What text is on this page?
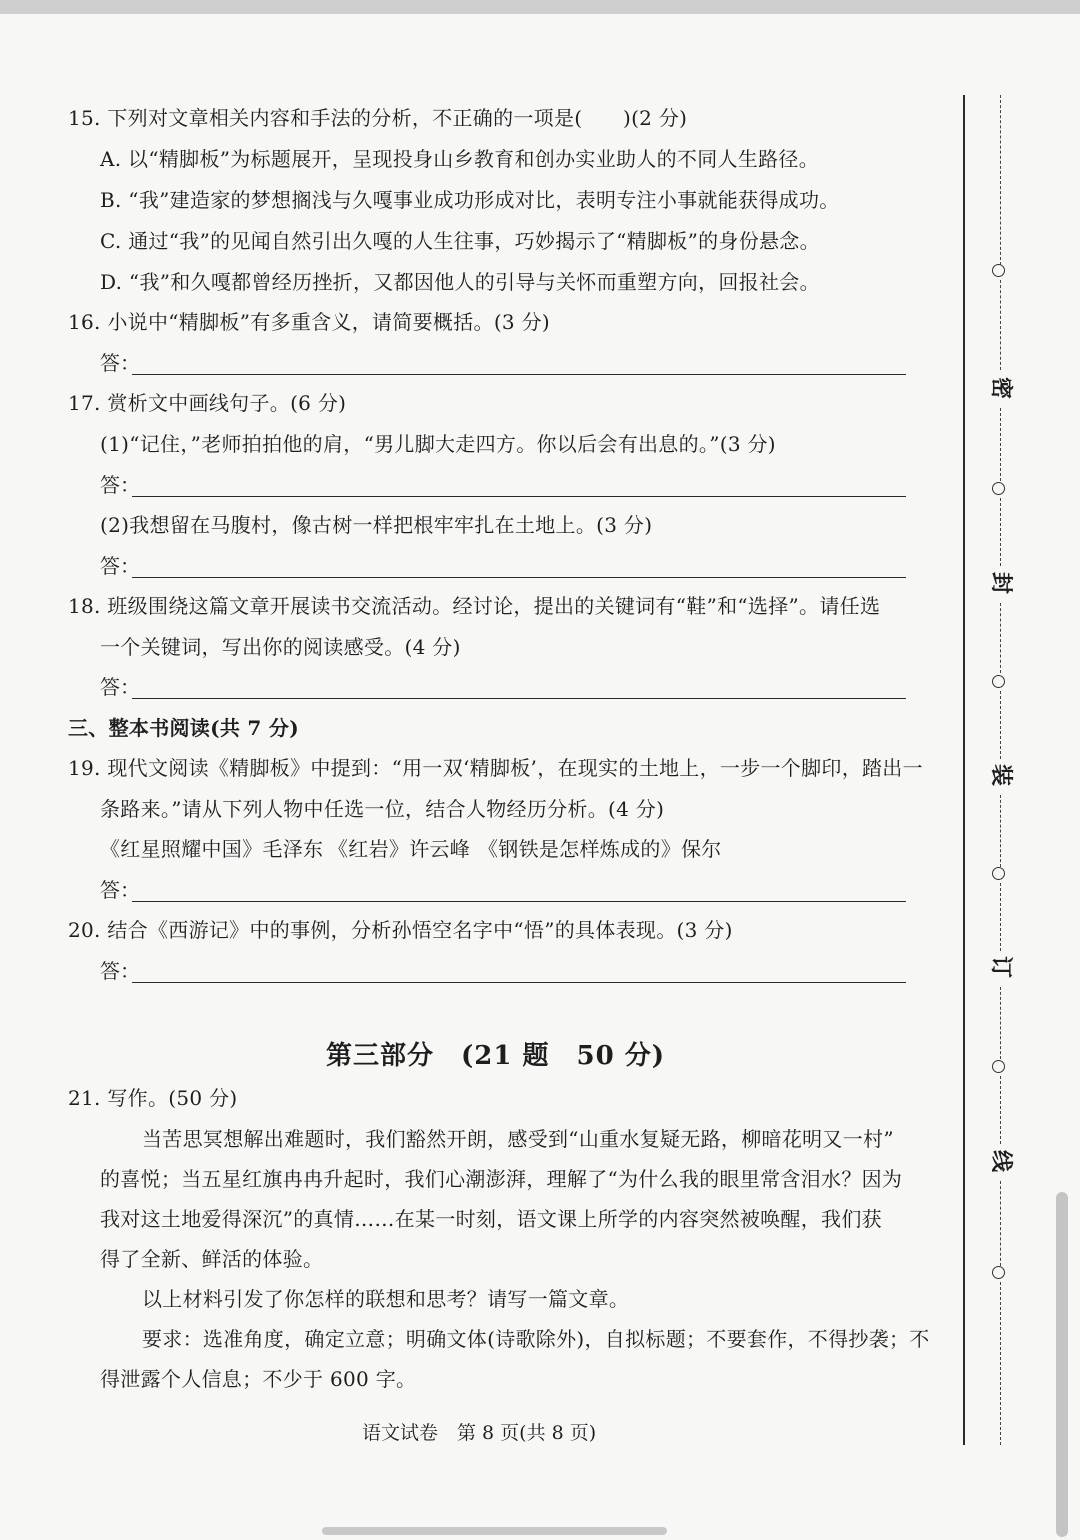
15. 下列对文章相关内容和手法的分析，不正确的一项是(　　)(2 分)
A. 以“精脚板”为标题展开，呈现投身山乡教育和创办实业助人的不同人生路径。
B. “我”建造家的梦想搁浅与久嘎事业成功形成对比，表明专注小事就能获得成功。
C. 通过“我”的见闻自然引出久嘎的人生往事，巧妙揭示了“精脚板”的身份悬念。
D. “我”和久嘎都曾经历挫折，又都因他人的引导与关怀而重塑方向，回报社会。
16. 小说中“精脚板”有多重含义，请简要概括。(3 分)
答：
17. 赏析文中画线句子。(6 分)
(1)“记住，”老师拍拍他的肩，“男儿脚大走四方。你以后会有出息的。”(3 分)
答：
(2)我想留在马腹村，像古树一样把根牢牢扎在土地上。(3 分)
答：
18. 班级围绕这篇文章开展读书交流活动。经讨论，提出的关键词有“鞋”和“选择”。请任选
一个关键词，写出你的阅读感受。(4 分)
答：
三、整本书阅读(共 7 分)
19. 现代文阅读《精脚板》中提到：“用一双‘精脚板’，在现实的土地上，一步一个脚印，踏出一
条路来。”请从下列人物中任选一位，结合人物经历分析。(4 分)
《红星照耀中国》毛泽东 《红岩》许云峰 《钢铁是怎样炼成的》保尔
答：
20. 结合《西游记》中的事例，分析孙悟空名字中“悟”的具体表现。(3 分)
答：
第三部分　(21 题　50 分)
21. 写作。(50 分)
当苦思冥想解出难题时，我们豁然开朗，感受到“山重水复疑无路，柳暗花明又一村”
的喜悦；当五星红旗冉冉升起时，我们心潮澎湃，理解了“为什么我的眼里常含泪水？因为
我对这土地爱得深沉”的真情……在某一时刻，语文课上所学的内容突然被唤醒，我们获
得了全新、鲜活的体验。
以上材料引发了你怎样的联想和思考？请写一篇文章。
要求：选准角度，确定立意；明确文体(诗歌除外)，自拟标题；不要套作，不得抄袭；不
得泄露个人信息；不少于 600 字。
语文试卷　第 8 页(共 8 页)
密
封
装
订
线
